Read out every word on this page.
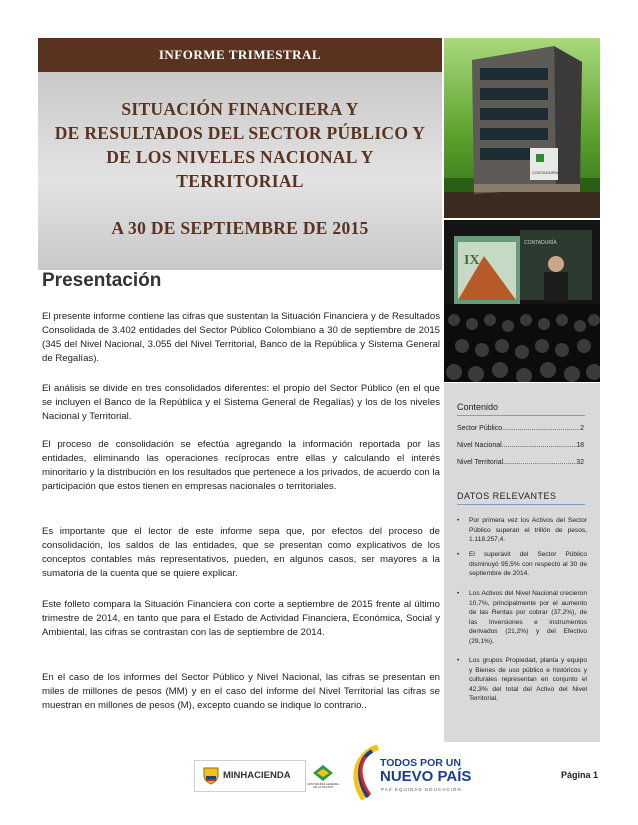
INFORME TRIMESTRAL
SITUACIÓN FINANCIERA Y
DE RESULTADOS DEL SECTOR PÚBLICO Y
DE LOS NIVELES NACIONAL Y
TERRITORIAL
A 30 DE SEPTIEMBRE DE 2015
CONTADURÍA
IX
CONTADURÍA
Contenido
Sector Público .....	2
Nivel Nacional .....	18
Nivel Territorial .....	32
DATOS RELEVANTES
• Por primera vez los Activos del Sector Público superan el trillón de pesos, 1.118.257,4.
• El superávit del Sector Público disminuyó 95,5% con respecto al 30 de septiembre de 2014.
• Los Activos del Nivel Nacional crecieron 10,7%, principalmente por el aumento de las Rentas por cobrar (37,2%), de las Inversiones e instrumentos derivados (21,2%) y del Efectivo (29,1%).
• Los grupos Propiedad, planta y equipo y Bienes de uso público e históricos y culturales representan en conjunto el 42,3% del total del Activo del Nivel Territorial.
Presentación

El presente informe contiene las cifras que sustentan la Situación Financiera y de Resultados Consolidada de 3.402 entidades del Sector Público Colombiano a 30 de septiembre de 2015 (345 del Nivel Nacional, 3.055 del Nivel Territorial, Banco de la República y Sistema General de Regalías).

El análisis se divide en tres consolidados diferentes: el propio del Sector Público (en el que se incluyen el Banco de la República y el Sistema General de Regalías) y los de los niveles Nacional y Territorial.

El proceso de consolidación se efectúa agregando la información reportada por las entidades, eliminando las operaciones recíprocas entre ellas y calculando el interés minoritario y la distribución en los resultados que pertenece a los privados, de acuerdo con la participación que estos tienen en empresas nacionales o territoriales.

Es importante que el lector de este informe sepa que, por efectos del proceso de consolidación, los saldos de las entidades, que se presentan como explicativos de los conceptos contables más representativos, pueden, en algunos casos, ser mayores a la sumatoria de la cuenta que se quiere explicar.

Este folleto compara la Situación Financiera con corte a septiembre de 2015 frente al último trimestre de 2014, en tanto que para el Estado de Actividad Financiera, Económica, Social y Ambiental, las cifras se contrastan con las de septiembre de 2014.

En el caso de los informes del Sector Público y Nivel Nacional, las cifras se presentan en miles de millones de pesos (MM) y en el caso del informe del Nivel Territorial las cifras se muestran en millones de pesos (M), excepto cuando se indique lo contrario..

MINHACIENDA
CONTADURÍA GENERAL DE LA NACIÓN
TODOS POR UN
NUEVO PAÍS
PAZ EQUIDAD EDUCACIÓN
Página 1
